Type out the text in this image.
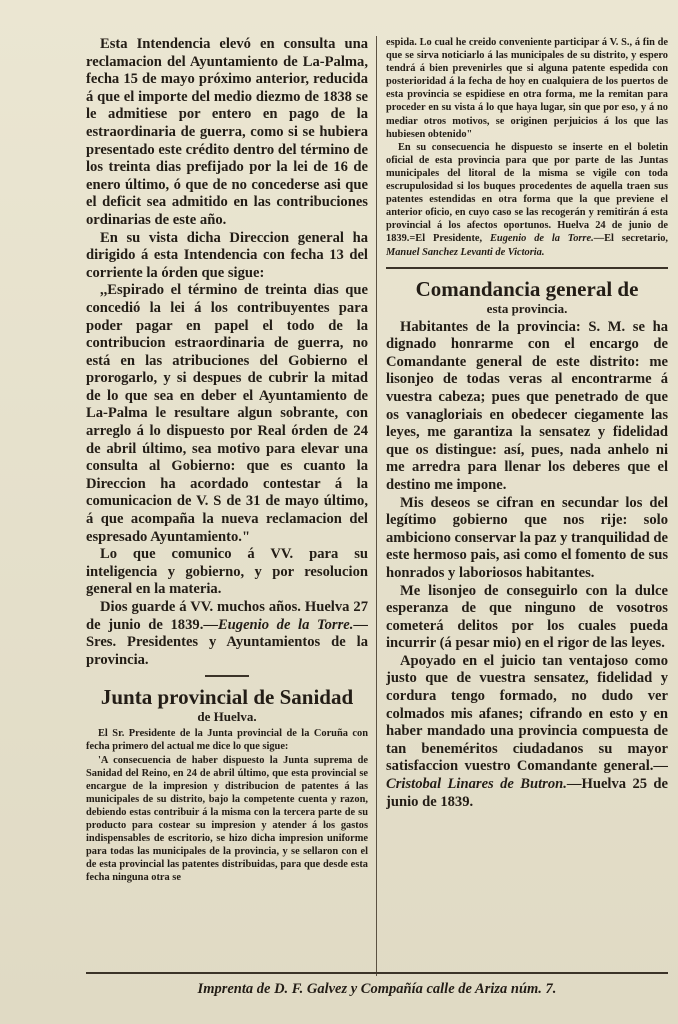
Esta Intendencia elevó en consulta una reclamacion del Ayuntamiento de La-Palma, fecha 15 de mayo próximo anterior, reducida á que el importe del medio diezmo de 1838 se le admitiese por entero en pago de la estraordinaria de guerra, como si se hubiera presentado este crédito dentro del término de los treinta dias prefijado por la lei de 16 de enero último, ó que de no concederse asi que el deficit sea admitido en las contribuciones ordinarias de este año.

En su vista dicha Direccion general ha dirigido á esta Intendencia con fecha 13 del corriente la órden que sigue:

,,Espirado el término de treinta dias que concedió la lei á los contribuyentes para poder pagar en papel el todo de la contribucion estraordinaria de guerra, no está en las atribuciones del Gobierno el prorogarlo, y si despues de cubrir la mitad de lo que sea en deber el Ayuntamiento de La-Palma le resultare algun sobrante, con arreglo á lo dispuesto por Real órden de 24 de abril último, sea motivo para elevar una consulta al Gobierno: que es cuanto la Direccion ha acordado contestar á la comunicacion de V. S de 31 de mayo último, á que acompaña la nueva reclamacion del espresado Ayuntamiento."

Lo que comunico á VV. para su inteligencia y gobierno, y por resolucion general en la materia.

Dios guarde á VV. muchos años. Huelva 27 de junio de 1839.—Eugenio de la Torre.—Sres. Presidentes y Ayuntamientos de la provincia.

Junta provincial de Sanidad
de Huelva.

El Sr. Presidente de la Junta provincial de la Coruña con fecha primero del actual me dice lo que sigue:

'A consecuencia de haber dispuesto la Junta suprema de Sanidad del Reino, en 24 de abril último, que esta provincial se encargue de la impresion y distribucion de patentes á las municipales de su distrito, bajo la competente cuenta y razon, debiendo estas contribuir á la misma con la tercera parte de su producto para costear su impresion y atender á los gastos indispensables de escritorio, se hizo dicha impresion uniforme para todas las municipales de la provincia, y se sellaron con el de esta provincial las patentes distribuidas, para que desde esta fecha ninguna otra se

espida. Lo cual he creido conveniente participar á V. S., á fin de que se sirva noticiarlo á las municipales de su distrito, y espero tendrá á bien prevenirles que si alguna patente espedida con posterioridad á la fecha de hoy en cualquiera de los puertos de esta provincia se espidiese en otra forma, me la remitan para proceder en su vista á lo que haya lugar, sin que por eso, y á no mediar otros motivos, se originen perjuicios á los que las hubiesen obtenido"

En su consecuencia he dispuesto se inserte en el boletin oficial de esta provincia para que por parte de las Juntas municipales del litoral de la misma se vigile con toda escrupulosidad si los buques procedentes de aquella traen sus patentes estendidas en otra forma que la que previene el anterior oficio, en cuyo caso se las recogerán y remitirán á esta provincial á los afectos oportunos. Huelva 24 de junio de 1839.=El Presidente, Eugenio de la Torre.—El secretario, Manuel Sanchez Levanti de Victoria.

Comandancia general de
esta provincia.

Habitantes de la provincia: S. M. se ha dignado honrarme con el encargo de Comandante general de este distrito: me lisonjeo de todas veras al encontrarme á vuestra cabeza; pues que penetrado de que os vanagloriais en obedecer ciegamente las leyes, me garantiza la sensatez y fidelidad que os distingue: así, pues, nada anhelo ni me arredra para llenar los deberes que el destino me impone.

Mis deseos se cifran en secundar los del legítimo gobierno que nos rije: solo ambiciono conservar la paz y tranquilidad de este hermoso pais, asi como el fomento de sus honrados y laboriosos habitantes.

Me lisonjeo de conseguirlo con la dulce esperanza de que ninguno de vosotros cometerá delitos por los cuales pueda incurrir (á pesar mio) en el rigor de las leyes.

Apoyado en el juicio tan ventajoso como justo que de vuestra sensatez, fidelidad y cordura tengo formado, no dudo ver colmados mis afanes; cifrando en esto y en haber mandado una provincia compuesta de tan beneméritos ciudadanos su mayor satisfaccion vuestro Comandante general.—Cristobal Linares de Butron.—Huelva 25 de junio de 1839.

Imprenta de D. F. Galvez y Compañía calle de Ariza núm. 7.
